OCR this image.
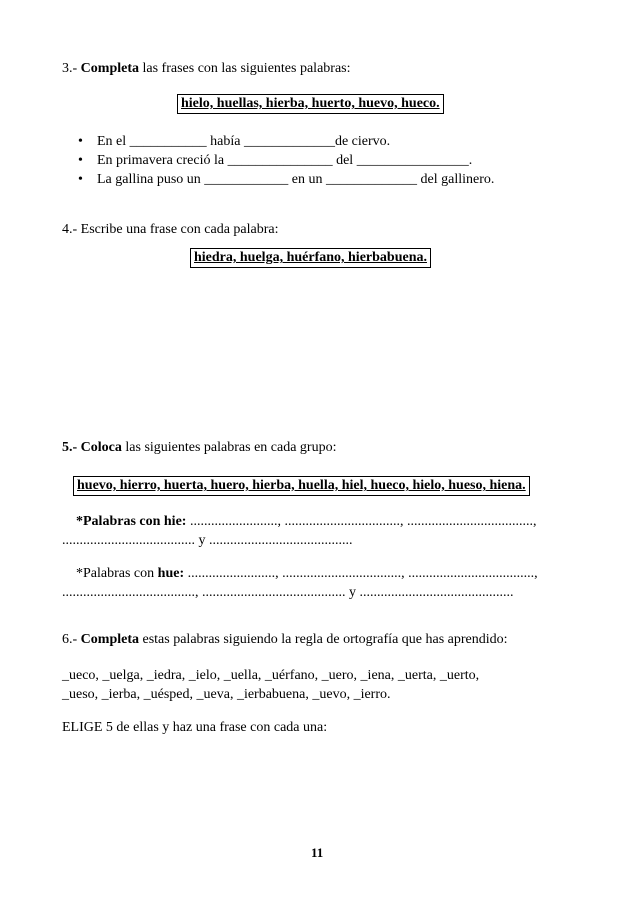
3.- Completa las frases con las siguientes palabras:
hielo, huellas, hierba, huerto, huevo, hueco.
• En el ___________ había _____________de ciervo.
• En primavera creció la _______________ del ________________.
• La gallina puso un ____________ en un _____________ del gallinero.
4.- Escribe una frase con cada palabra:
hiedra, huelga, huérfano, hierbabuena.
5.- Coloca las siguientes palabras en cada grupo:
huevo, hierro, huerta, huero, hierba, huella, hiel, hueco, hielo, hueso, hiena.
*Palabras con hie: ........................., ................................., ....................................,
...................................... y .........................................
*Palabras con hue: ........................., .................................., ....................................,
......................................, ......................................... y ............................................
6.- Completa estas palabras siguiendo la regla de ortografía que has aprendido:
_ueco, _uelga, _iedra, _ielo, _uella, _uérfano, _uero, _iena, _uerta, _uerto,
_ueso, _ierba, _uésped, _ueva, _ierbabuena, _uevo, _ierro.
ELIGE 5 de ellas y haz una frase con cada una:
11
